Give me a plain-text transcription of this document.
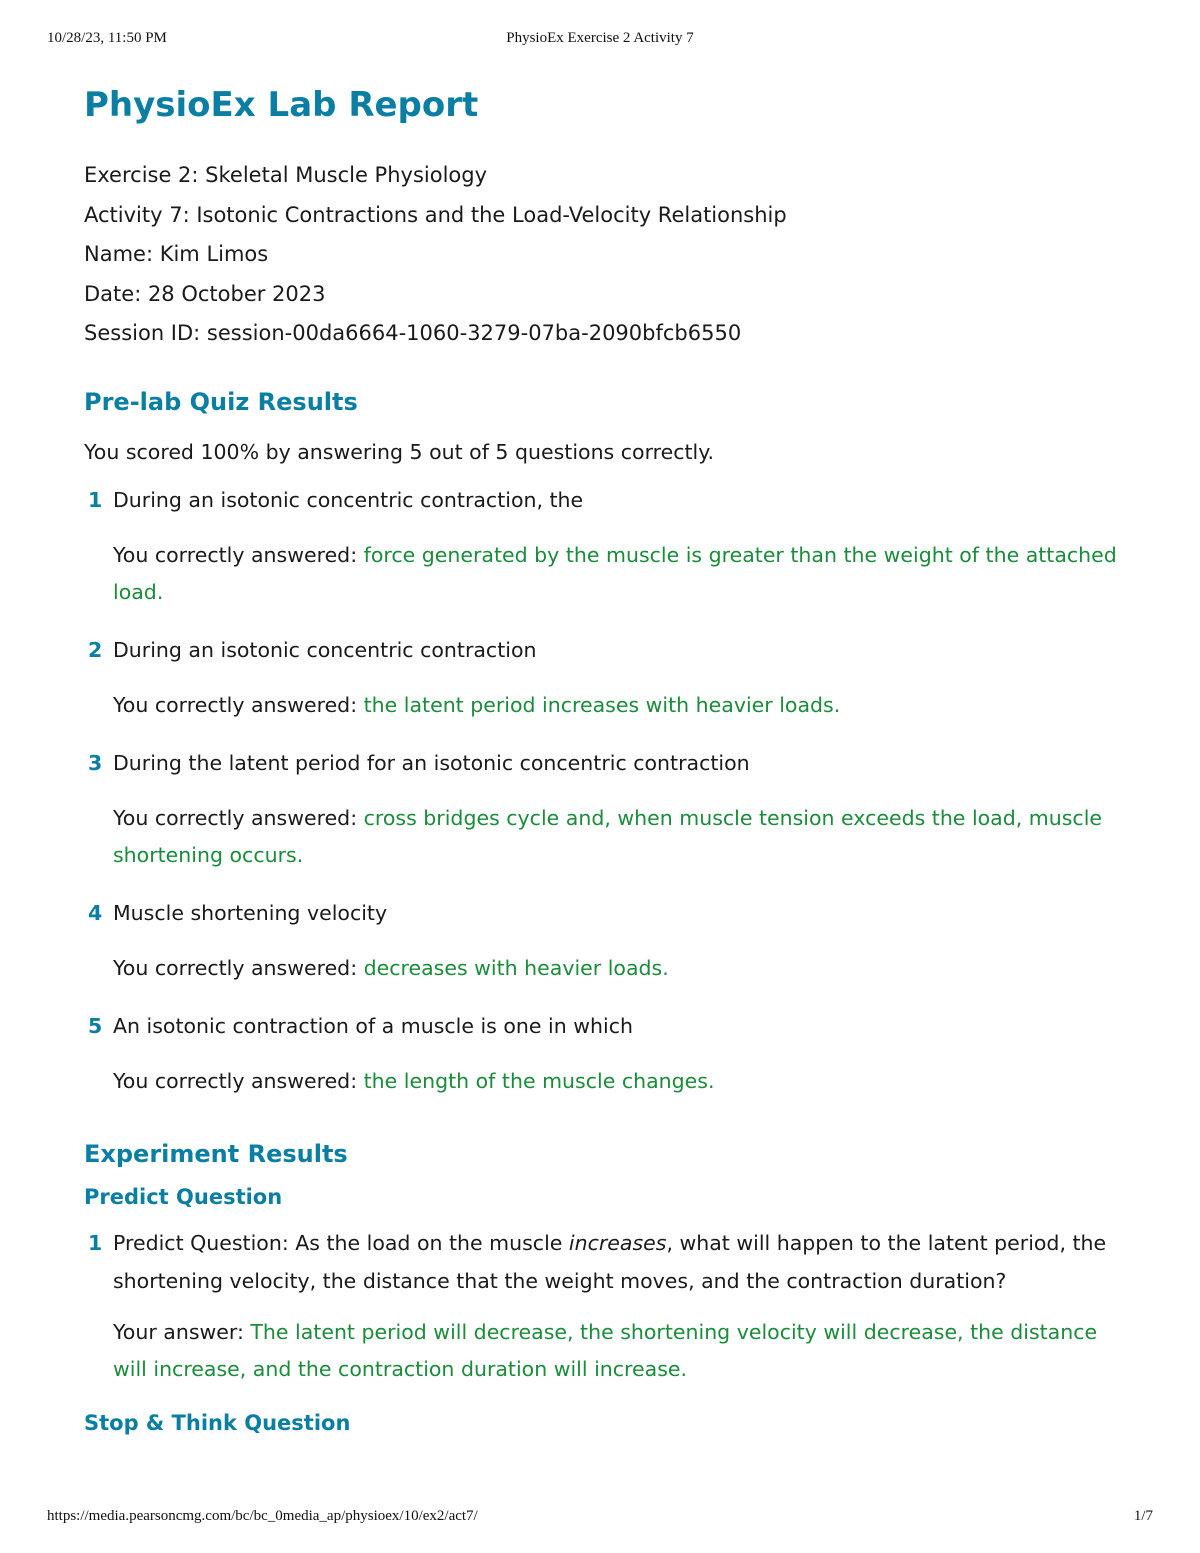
10/28/23, 11:50 PM	PhysioEx Exercise 2 Activity 7
PhysioEx Lab Report
Exercise 2: Skeletal Muscle Physiology
Activity 7: Isotonic Contractions and the Load-Velocity Relationship
Name: Kim Limos
Date: 28 October 2023
Session ID: session-00da6664-1060-3279-07ba-2090bfcb6550
Pre-lab Quiz Results
You scored 100% by answering 5 out of 5 questions correctly.
1 During an isotonic concentric contraction, the
You correctly answered: force generated by the muscle is greater than the weight of the attached load.
2 During an isotonic concentric contraction
You correctly answered: the latent period increases with heavier loads.
3 During the latent period for an isotonic concentric contraction
You correctly answered: cross bridges cycle and, when muscle tension exceeds the load, muscle shortening occurs.
4 Muscle shortening velocity
You correctly answered: decreases with heavier loads.
5 An isotonic contraction of a muscle is one in which
You correctly answered: the length of the muscle changes.
Experiment Results
Predict Question
1 Predict Question: As the load on the muscle increases, what will happen to the latent period, the shortening velocity, the distance that the weight moves, and the contraction duration?
Your answer: The latent period will decrease, the shortening velocity will decrease, the distance will increase, and the contraction duration will increase.
Stop & Think Question
https://media.pearsoncmg.com/bc/bc_0media_ap/physioex/10/ex2/act7/	1/7
